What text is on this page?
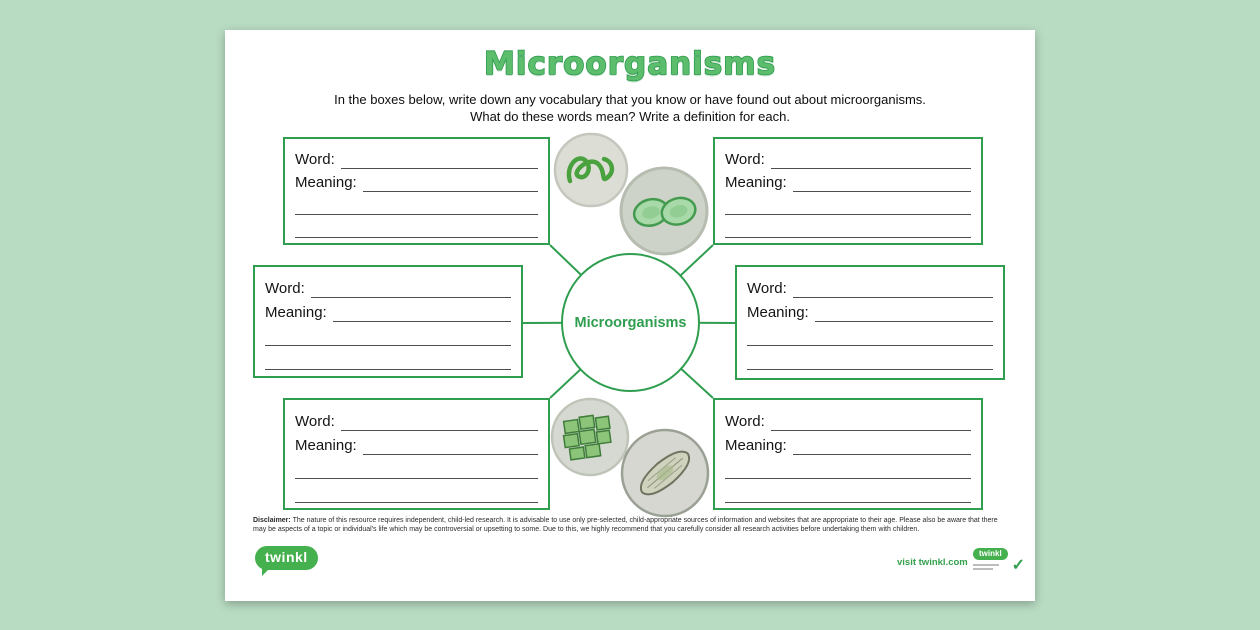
Microorganisms
In the boxes below, write down any vocabulary that you know or have found out about microorganisms.
What do these words mean? Write a definition for each.
Word:
Meaning:
Word:
Meaning:
Word:
Meaning:
Word:
Meaning:
Word:
Meaning:
Word:
Meaning:
Microorganisms
Disclaimer: The nature of this resource requires independent, child-led research. It is advisable to use only pre-selected, child-appropriate sources of information and websites that are appropriate to their age. Please also be aware that there may be aspects of a topic or individual's life which may be controversial or upsetting to some. Due to this, we highly recommend that you carefully consider all research activities before undertaking them with children.
twinkl	visit twinkl.com
twinkl
✓
